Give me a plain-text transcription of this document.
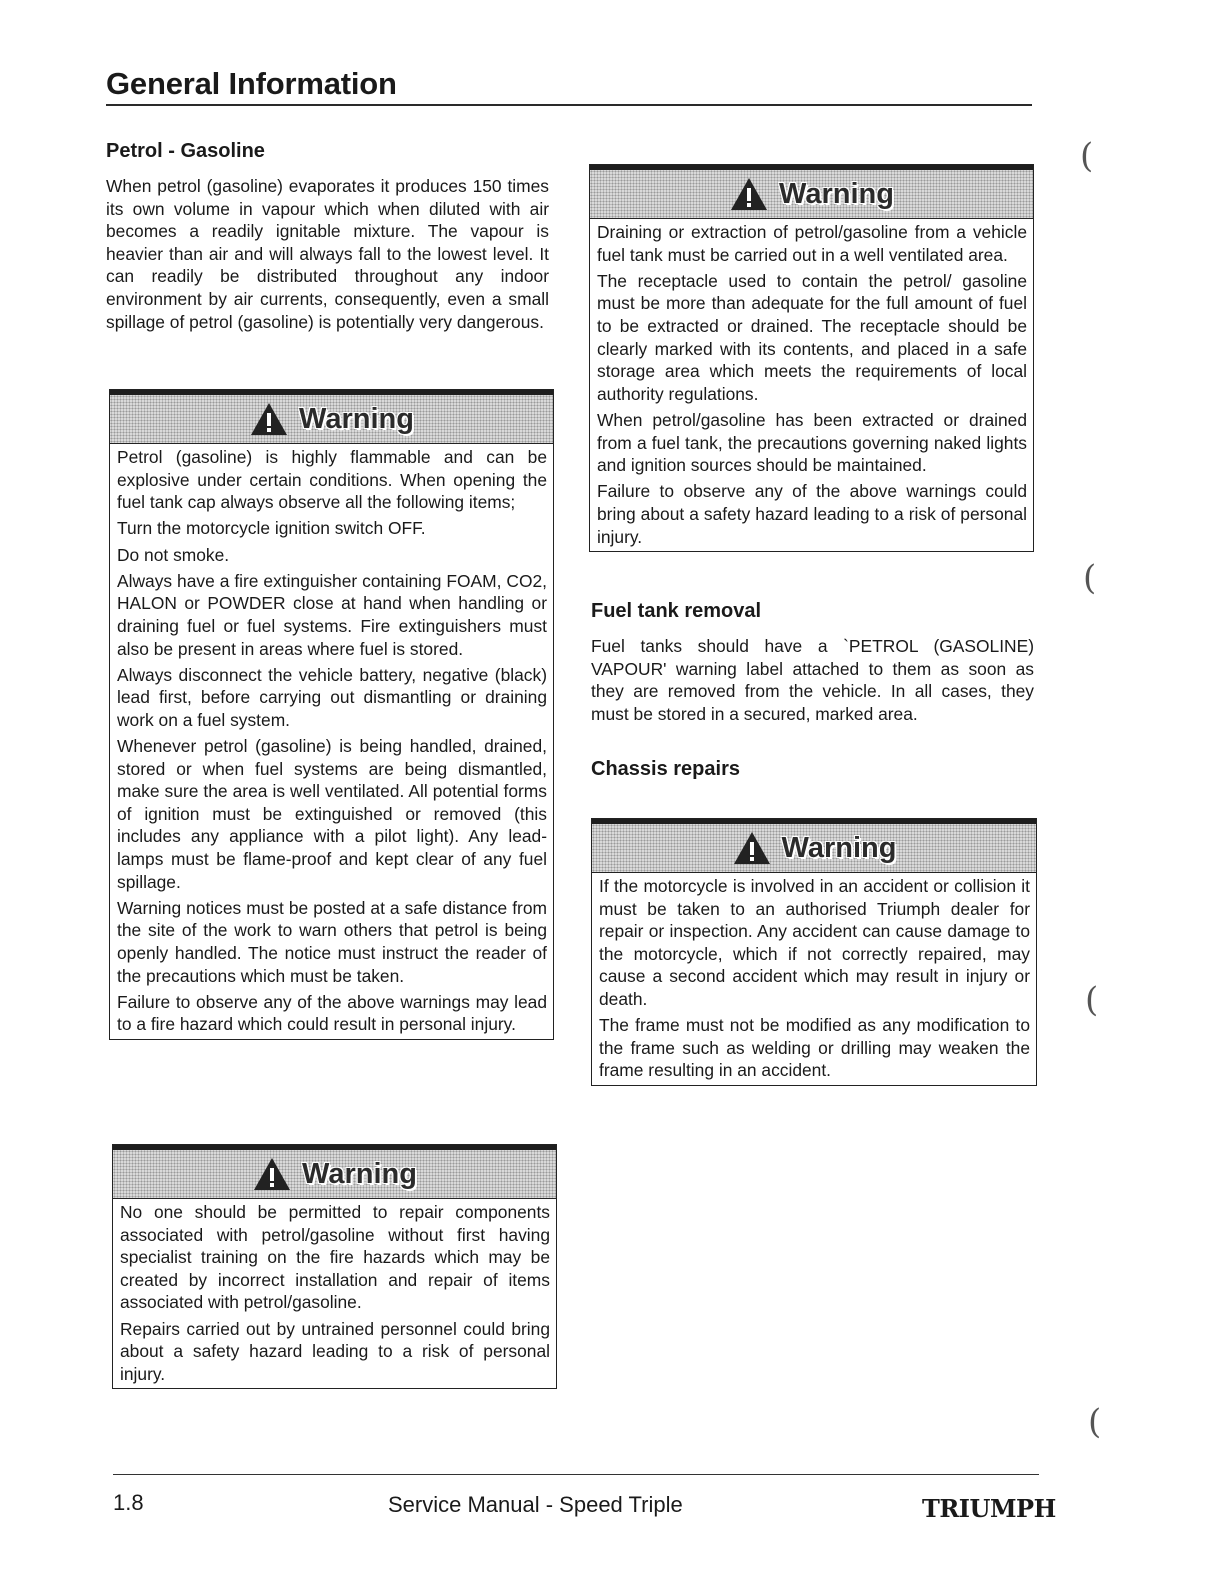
General Information
Petrol - Gasoline

When petrol (gasoline) evaporates it produces 150 times its own volume in vapour which when diluted with air becomes a readily ignitable mixture. The vapour is heavier than air and will always fall to the lowest level. It can readily be distributed throughout any indoor environment by air currents, consequently, even a small spillage of petrol (gasoline) is potentially very dangerous.

Warning

Petrol (gasoline) is highly flammable and can be explosive under certain conditions. When opening the fuel tank cap always observe all the following items;

Turn the motorcycle ignition switch OFF.

Do not smoke.

Always have a fire extinguisher containing FOAM, CO2, HALON or POWDER close at hand when handling or draining fuel or fuel systems. Fire extinguishers must also be present in areas where fuel is stored.

Always disconnect the vehicle battery, negative (black) lead first, before carrying out dismantling or draining work on a fuel system.

Whenever petrol (gasoline) is being handled, drained, stored or when fuel systems are being dismantled, make sure the area is well ventilated. All potential forms of ignition must be extinguished or removed (this includes any appliance with a pilot light). Any lead-lamps must be flame-proof and kept clear of any fuel spillage.

Warning notices must be posted at a safe distance from the site of the work to warn others that petrol is being openly handled. The notice must instruct the reader of the precautions which must be taken.

Failure to observe any of the above warnings may lead to a fire hazard which could result in personal injury.

Warning

No one should be permitted to repair components associated with petrol/gasoline without first having specialist training on the fire hazards which may be created by incorrect installation and repair of items associated with petrol/gasoline.

Repairs carried out by untrained personnel could bring about a safety hazard leading to a risk of personal injury.

Warning

Draining or extraction of petrol/gasoline from a vehicle fuel tank must be carried out in a well ventilated area.

The receptacle used to contain the petrol/ gasoline must be more than adequate for the full amount of fuel to be extracted or drained. The receptacle should be clearly marked with its contents, and placed in a safe storage area which meets the requirements of local authority regulations.

When petrol/gasoline has been extracted or drained from a fuel tank, the precautions governing naked lights and ignition sources should be maintained.

Failure to observe any of the above warnings could bring about a safety hazard leading to a risk of personal injury.

Fuel tank removal

Fuel tanks should have a `PETROL (GASOLINE) VAPOUR' warning label attached to them as soon as they are removed from the vehicle. In all cases, they must be stored in a secured, marked area.

Chassis repairs
Warning

If the motorcycle is involved in an accident or collision it must be taken to an authorised Triumph dealer for repair or inspection. Any accident can cause damage to the motorcycle, which if not correctly repaired, may cause a second accident which may result in injury or death.

The frame must not be modified as any modification to the frame such as welding or drilling may weaken the frame resulting in an accident.

(
(
(
(
1.8	Service Manual - Speed Triple	TRIUMPH
